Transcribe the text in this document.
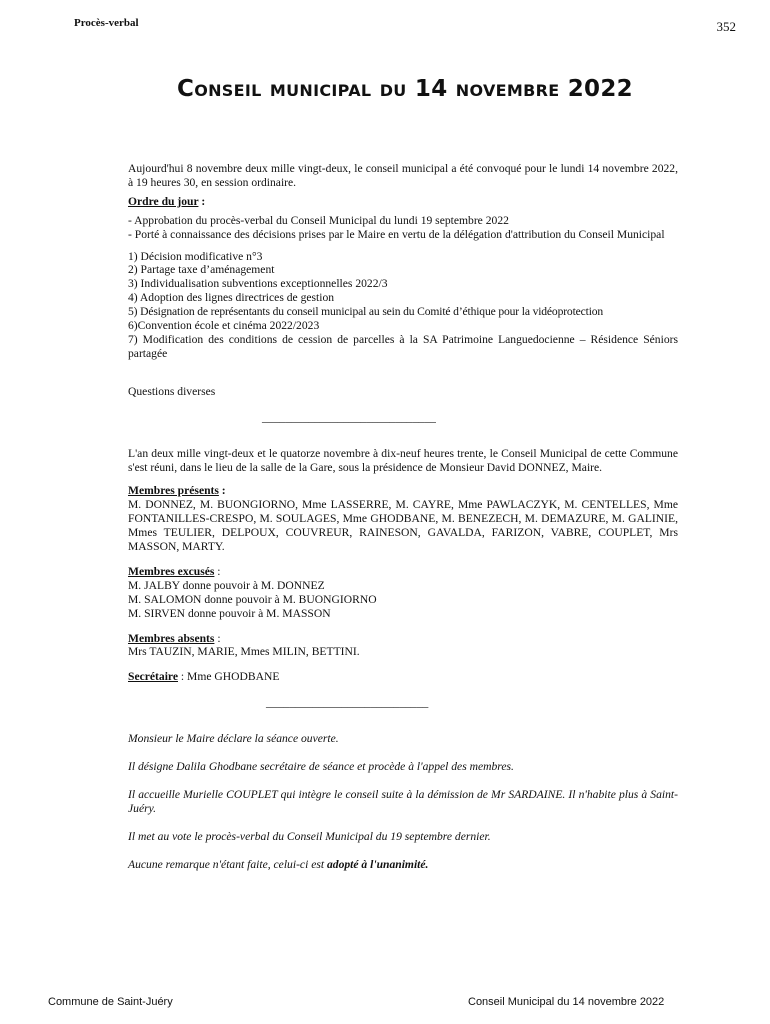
Procès-verbal	352
Conseil municipal du 14 novembre 2022

Aujourd'hui 8 novembre deux mille vingt-deux, le conseil municipal a été convoqué pour le lundi 14 novembre 2022, à 19 heures 30, en session ordinaire.

Ordre du jour :

- Approbation du procès-verbal du Conseil Municipal du lundi 19 septembre 2022

- Porté à connaissance des décisions prises par le Maire en vertu de la délégation d'attribution du Conseil Municipal

1) Décision modificative n°3

2) Partage taxe d’aménagement

3) Individualisation subventions exceptionnelles 2022/3

4) Adoption des lignes directrices de gestion

5) Désignation de représentants du conseil municipal au sein du Comité d’éthique pour la vidéoprotection

6)Convention école et cinéma 2022/2023

7) Modification des conditions de cession de parcelles à la SA Patrimoine Languedocienne – Résidence Séniors partagée

Questions diverses

______________________________

L'an deux mille vingt-deux et le quatorze novembre à dix-neuf heures trente, le Conseil Municipal de cette Commune s'est réuni, dans le lieu de la salle de la Gare, sous la présidence de Monsieur David DONNEZ, Maire.

Membres présents :

M. DONNEZ, M. BUONGIORNO, Mme LASSERRE, M. CAYRE, Mme PAWLACZYK, M. CENTELLES, Mme FONTANILLES-CRESPO, M. SOULAGES, Mme GHODBANE, M. BENEZECH, M. DEMAZURE, M. GALINIE, Mmes TEULIER, DELPOUX, COUVREUR, RAINESON, GAVALDA, FARIZON, VABRE, COUPLET, Mrs MASSON, MARTY.

Membres excusés :

M. JALBY donne pouvoir à M. DONNEZ

M. SALOMON donne pouvoir à M. BUONGIORNO

M. SIRVEN donne pouvoir à M. MASSON

Membres absents :

Mrs TAUZIN, MARIE, Mmes MILIN, BETTINI.

Secrétaire : Mme GHODBANE

____________________________

Monsieur le Maire déclare la séance ouverte.

Il désigne Dalila Ghodbane secrétaire de séance et procède à l'appel des membres.

Il accueille Murielle COUPLET qui intègre le conseil suite à la démission de Mr SARDAINE. Il n'habite plus à Saint-Juéry.

Il met au vote le procès-verbal du Conseil Municipal du 19 septembre dernier.

Aucune remarque n'étant faite, celui-ci est adopté à l'unanimité.

Commune de Saint-Juéry	Conseil Municipal du 14 novembre 2022
